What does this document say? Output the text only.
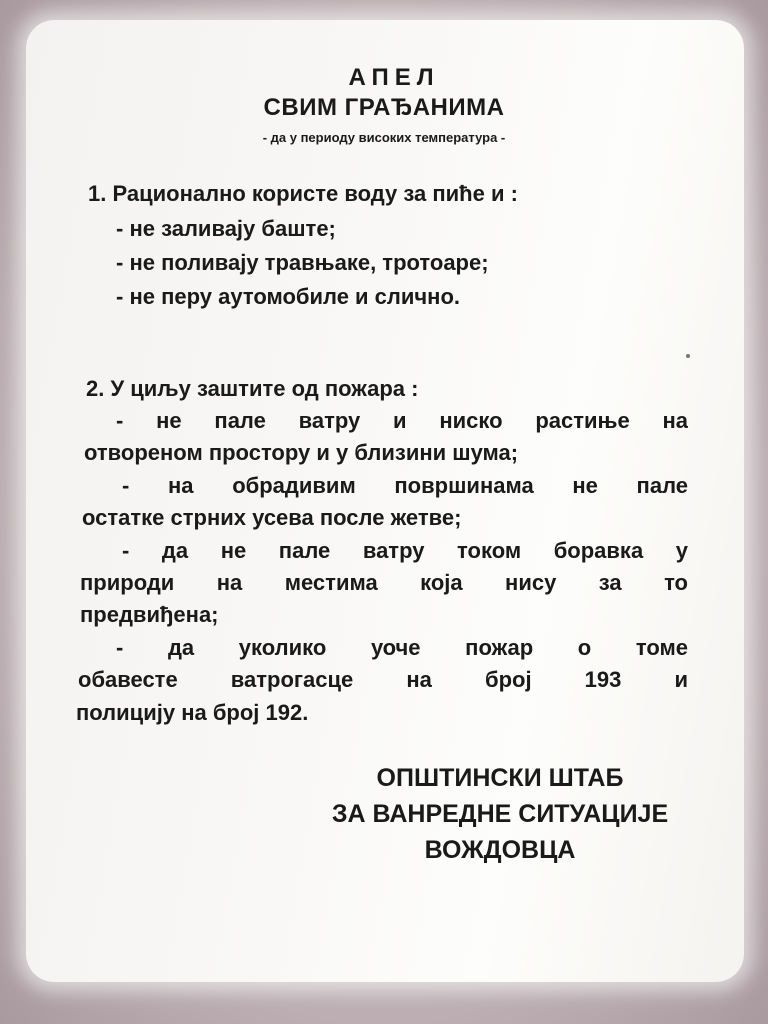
АПЕЛ
СВИМ ГРАЂАНИМА
- да у периоду високих температура -
1. Рационално користе воду за пиће и :
- не заливају баште;
- не поливају травњаке, тротоаре;
- не перу аутомобиле и слично.
2. У циљу заштите од пожара :
- не пале ватру и ниско растиње на
отвореном простору и у близини шума;
- на обрадивим површинама не пале
остатке стрних усева после жетве;
- да не пале ватру током боравка у
природи на местима која нису за то
предвиђена;
- да уколико уоче пожар о томе
обавесте ватрогасце на број 193 и
полицију на број 192.
ОПШТИНСКИ ШТАБ
ЗА ВАНРЕДНЕ СИТУАЦИЈЕ
ВОЖДОВЦА
